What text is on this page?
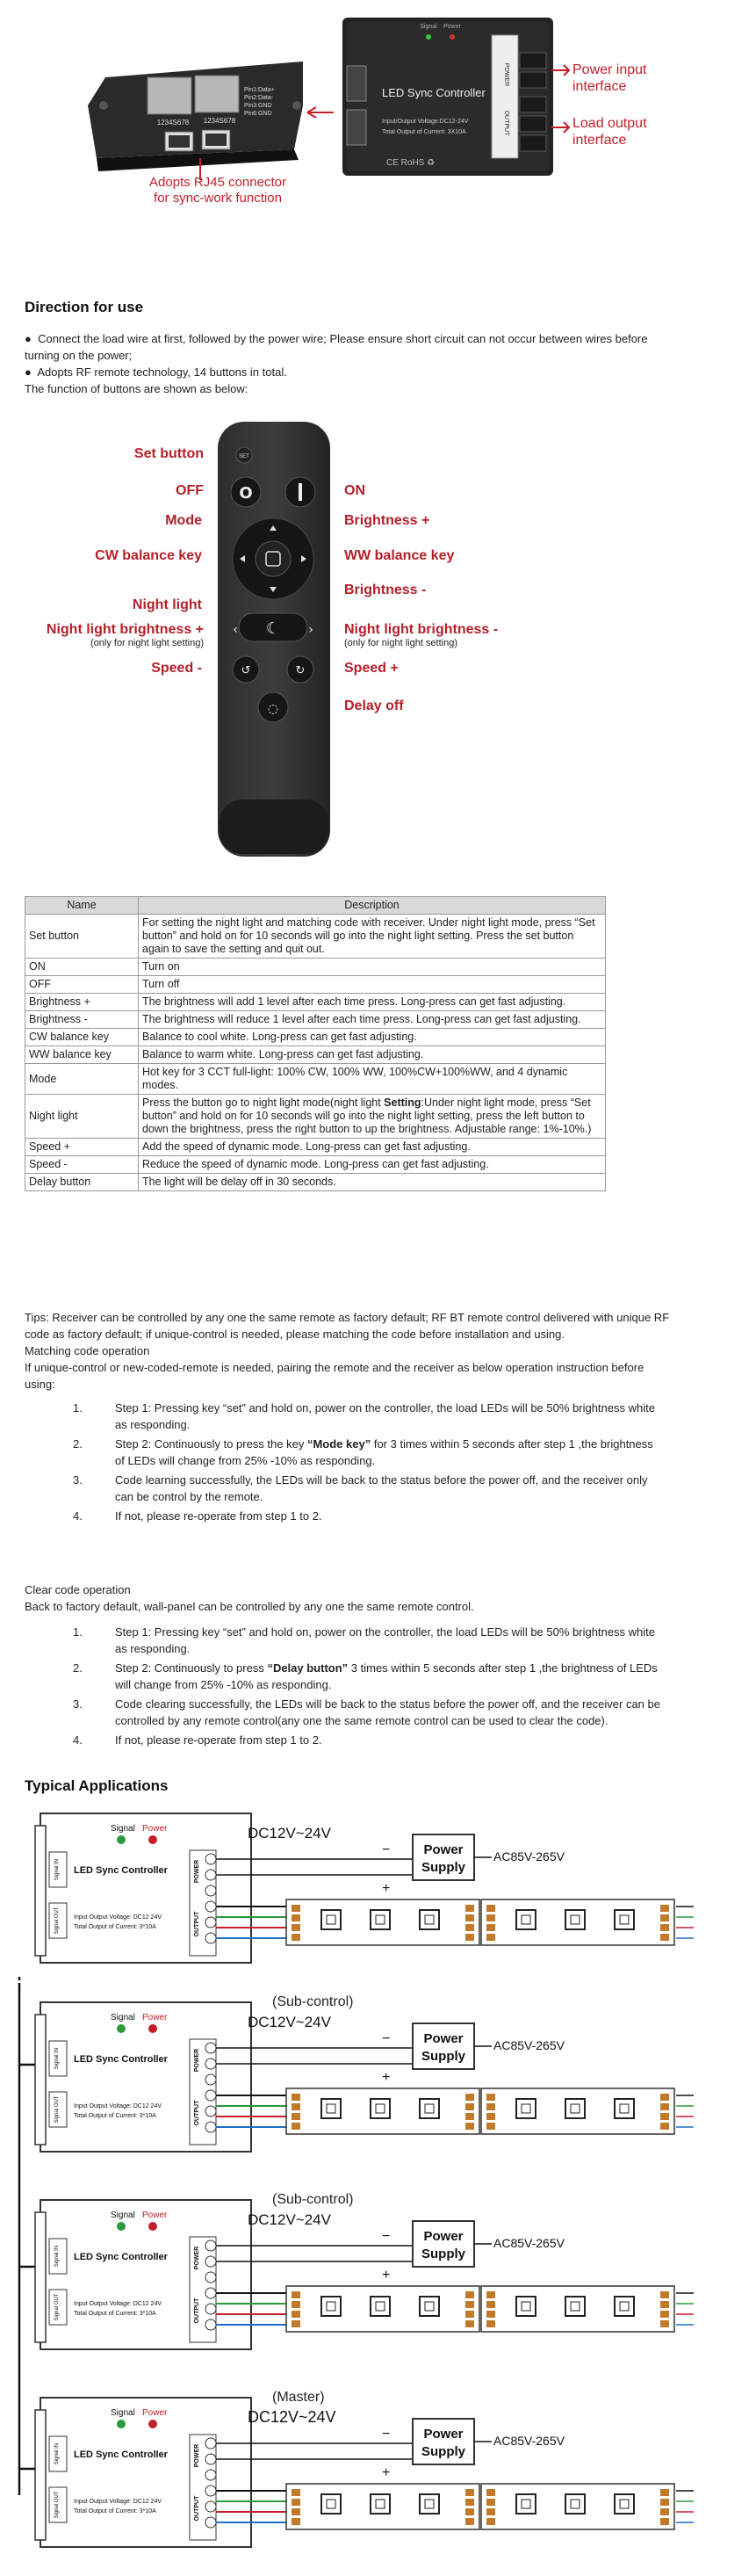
1234S678 1234S678
Pin1:Data+
Pin2:Data-
Pin3:GND
Pin6:GND
Adopts RJ45 connector
for sync-work function
Signal Power
LED Sync Controller
Input/Output Voltage:DC12-24V
Total Output of Current: 3X10A
CE RoHS ♻
POWER
OUTPUT
Power input
interface
Load output
interface
Direction for use
●  Connect the load wire at first, followed by the power wire; Please ensure short circuit can not occur between wires before turning on the power;
●  Adopts RF remote technology, 14 buttons in total.
The function of buttons are shown as below:
SET
O
☾
‹	›
↺	↻
◌
Set button
OFF	ON
Mode	Brightness +
CW balance key	WW balance key
Brightness -
Night light
Night light brightness +
(only for night light setting)
Night light brightness -
(only for night light setting)
Speed -	Speed +
Delay off
Name	Description
Set button	For setting the night light and matching code with receiver. Under night light mode, press “Set button” and hold on for 10 seconds will go into the night light setting. Press the set button again to save the setting and quit out.
ON	Turn on
OFF	Turn off
Brightness +	The brightness will add 1 level after each time press. Long-press can get fast adjusting.
Brightness -	The brightness will reduce 1 level after each time press. Long-press can get fast adjusting.
CW balance key	Balance to cool white. Long-press can get fast adjusting.
WW balance key	Balance to warm white. Long-press can get fast adjusting.
Mode	Hot key for 3 CCT full-light: 100% CW, 100% WW, 100%CW+100%WW, and 4 dynamic modes.
Night light	Press the button go to night light mode(night light Setting:Under night light mode, press “Set button” and hold on for 10 seconds will go into the night light setting, press the left button to down the brightness, press the right button to up the brightness. Adjustable range: 1%-10%.)
Speed +	Add the speed of dynamic mode. Long-press can get fast adjusting.
Speed -	Reduce the speed of dynamic mode. Long-press can get fast adjusting.
Delay button	The light will be delay off in 30 seconds.
Tips: Receiver can be controlled by any one the same remote as factory default; RF BT remote control delivered with unique RF code as factory default; if unique-control is needed, please matching the code before installation and using.
Matching code operation
If unique-control or new-coded-remote is needed, pairing the remote and the receiver as below operation instruction before using:
1.	Step 1: Pressing key “set” and hold on, power on the controller, the load LEDs will be 50% brightness white as responding.
2.	Step 2: Continuously to press the key “Mode key” for 3 times within 5 seconds after step 1 ,the brightness of LEDs will change from 25% -10% as responding.
3.	Code learning successfully, the LEDs will be back to the status before the power off, and the receiver only can be control by the remote.
4.	If not, please re-operate from step 1 to 2.
Clear code operation
Back to factory default, wall-panel can be controlled by any one the same remote control.
1.	Step 1: Pressing key “set” and hold on, power on the controller, the load LEDs will be 50% brightness white as responding.
2.	Step 2: Continuously to press “Delay button” 3 times within 5 seconds after step 1 ,the brightness of LEDs will change from 25% -10% as responding.
3.	Code clearing successfully, the LEDs will be back to the status before the power off, and the receiver can be controlled by any remote control(any one the same remote control can be used to clear the code).
4.	If not, please re-operate from step 1 to 2.
Typical Applications
Signal Power
Signal IN
Signal OUT
LED Sync Controller
Input Output Voltage: DC12 24V
Total Output of Current: 3*10A
POWER
OUTPUT
DC12V~24V
−
+
Power
Supply
AC85V-265V
(Sub-control)
Signal Power
Signal IN
Signal OUT
LED Sync Controller
Input Output Voltage: DC12 24V
Total Output of Current: 3*10A
POWER
OUTPUT
DC12V~24V
−
+
Power
Supply
AC85V-265V
(Sub-control)
Signal Power
Signal IN
Signal OUT
LED Sync Controller
Input Output Voltage: DC12 24V
Total Output of Current: 3*10A
POWER
OUTPUT
DC12V~24V
−
+
Power
Supply
AC85V-265V
(Master)
Signal Power
Signal IN
Signal OUT
LED Sync Controller
Input Output Voltage: DC12 24V
Total Output of Current: 3*10A
POWER
OUTPUT
DC12V~24V
−
+
Power
Supply
AC85V-265V
